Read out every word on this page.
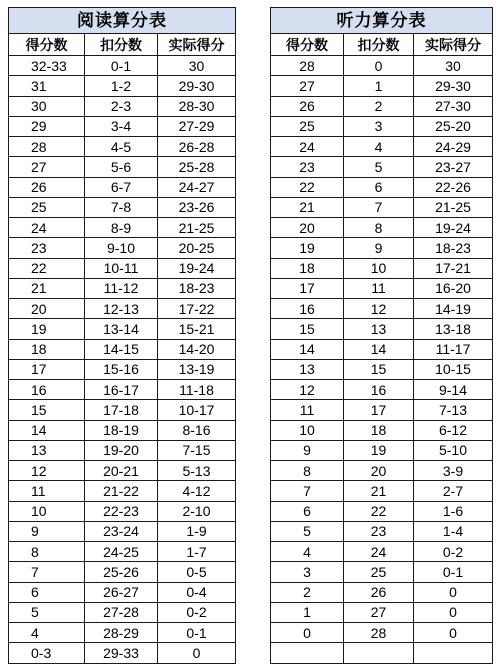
阅读算分表		
得分数	扣分数	实际得分
32-33	0-1	30
31	1-2	29-30
30	2-3	28-30
29	3-4	27-29
28	4-5	26-28
27	5-6	25-28
26	6-7	24-27
25	7-8	23-26
24	8-9	21-25
23	9-10	20-25
22	10-11	19-24
21	11-12	18-23
20	12-13	17-22
19	13-14	15-21
18	14-15	14-20
17	15-16	13-19
16	16-17	11-18
15	17-18	10-17
14	18-19	8-16
13	19-20	7-15
12	20-21	5-13
11	21-22	4-12
10	22-23	2-10
9	23-24	1-9
8	24-25	1-7
7	25-26	0-5
6	26-27	0-4
5	27-28	0-2
4	28-29	0-1
0-3	29-33	0
听力算分表		
得分数	扣分数	实际得分
28	0	30
27	1	29-30
26	2	27-30
25	3	25-20
24	4	24-29
23	5	23-27
22	6	22-26
21	7	21-25
20	8	19-24
19	9	18-23
18	10	17-21
17	11	16-20
16	12	14-19
15	13	13-18
14	14	11-17
13	15	10-15
12	16	9-14
11	17	7-13
10	18	6-12
9	19	5-10
8	20	3-9
7	21	2-7
6	22	1-6
5	23	1-4
4	24	0-2
3	25	0-1
2	26	0
1	27	0
0	28	0
